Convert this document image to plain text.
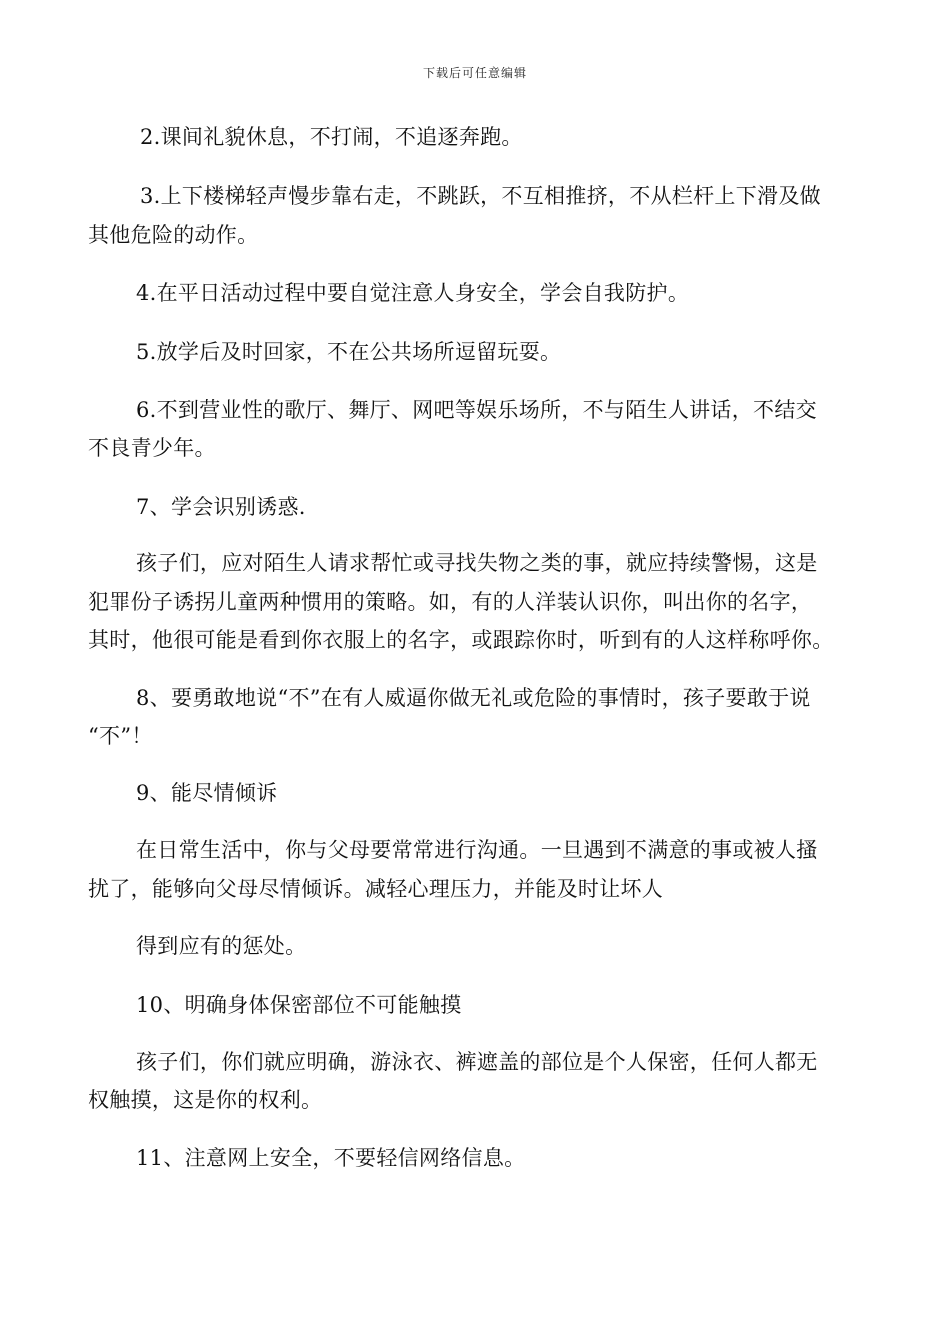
下载后可任意编辑
2.课间礼貌休息，不打闹，不追逐奔跑。
3.上下楼梯轻声慢步靠右走，不跳跃，不互相推挤，不从栏杆上下滑及做
其他危险的动作。
4.在平日活动过程中要自觉注意人身安全，学会自我防护。
5.放学后及时回家，不在公共场所逗留玩耍。
6.不到营业性的歌厅、舞厅、网吧等娱乐场所，不与陌生人讲话，不结交
不良青少年。
7、学会识别诱惑.
孩子们，应对陌生人请求帮忙或寻找失物之类的事，就应持续警惕，这是
犯罪份子诱拐儿童两种惯用的策略。如，有的人洋装认识你，叫出你的名字，
其时，他很可能是看到你衣服上的名字，或跟踪你时，听到有的人这样称呼你。
8、要勇敢地说“不”在有人威逼你做无礼或危险的事情时，孩子要敢于说
“不”！
9、能尽情倾诉
在日常生活中，你与父母要常常进行沟通。一旦遇到不满意的事或被人搔
扰了，能够向父母尽情倾诉。减轻心理压力，并能及时让坏人
得到应有的惩处。
10、明确身体保密部位不可能触摸
孩子们，你们就应明确，游泳衣、裤遮盖的部位是个人保密，任何人都无
权触摸，这是你的权利。
11、注意网上安全，不要轻信网络信息。
